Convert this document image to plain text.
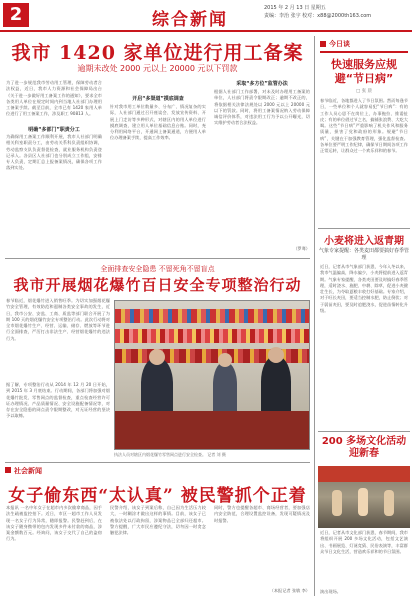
2	综合新闻
2015 年 2 月 13 日 星期五
责编：李治 张宇 校对：x88@2000th163.com
我市 1420 家单位进行用工备案
逾期未改处 2000 元以上 20000 元以下罚款
为了进一步规范我市劳动用工管理，保障劳动者合法权益，近日，我市人力资源和社会保障局出台《关于进一步做好用工备案工作的通知》，要求全市各类用人单位在规定时间内到当地人社部门办理用工备案手续。截至目前，全市已有 1420 家用人单位进行了用工备案工作，涉及职工 90813 人。
明确“多部门”职责分工
为确保用工备案工作顺利开展，我市人社部门明确相关科室职责分工，由劳动关系科负责组织协调，劳动监察支队负责督促检查，就业服务机构负责登记录入。各县区人社部门也分别成立工作组，安排专人负责，定期汇总上报备案情况，确保各项工作落到实处。
开启“多渠道”摸底调查
针对我市用工单位数量多、分布广、情况复杂的实际，人社部门通过召开座谈会、发放宣传资料、开展上门走访等多种形式，对辖区内的用人单位进行摸底调查，建立用人单位基础信息台账。同时，充分利用网络平台，开通网上备案通道，方便用人单位办理备案手续，提高工作效率。
采取“多方位”监管办法
根据人社部门工作部署，对未及时办理用工备案的单位，人社部门将责令限期改正；逾期不改正的，将依据相关法律法规处以 2000 元以上 20000 元以下的罚款。同时，将用工备案情况纳入劳动保障诚信评价体系，对违法用工行为予以公开曝光，切实维护劳动者合法权益。
（罗骞）
全面排查安全隐患 不留死角不留盲点
我市开展烟花爆竹百日安全专项整治行动
春节临近，烟花爆竹进入销售旺季。为切实加强烟花爆竹安全管理，有效防范和遏制各类安全事故的发生，近日，我市公安、安监、工商、质监等部门联合开展了为期 100 天的烟花爆竹安全专项整治行动。此次行动将对全市烟花爆竹生产、经营、运输、储存、燃放等环节进行全面排查，严厉打击非法生产、经营烟花爆竹的违法行为。
据了解，专项整治行动从 2014 年 12 月 20 日开始，到 2015 年 3 月底结束。行动期间，各部门将加强对烟花爆竹批发、零售网点的监督检查，重点检查经营许可证办理情况、产品质量情况、安全设施配备情况等，对存在安全隐患的网点责令限期整改，对无证经营的坚决予以取缔。
执法人员对辖区内烟花爆竹零售网点进行安全检查。 记者 刘 摄
社会新闻
女子偷东西“太认真” 被民警抓个正着
本报讯 一名中年女子在超市内多次偷拿商品，因手法生疏被监控拍下。近日，市区一超市工作人员发现一名女子行为异常，随即报警。民警赶到后，在该女子随身携带的包内发现多件未付款的商品，涉案金额数百元。经询问，该女子交代了自己的盗窃行为。
民警介绍，该女子到案后称，自己因为生活压力较大，一时糊涂才做出这样的事情。目前，该女子已被依法处以行政拘留，涉案物品已全部归还超市。警方提醒，广大市民应遵纪守法，切勿因一时贪念触犯法律。
同时，警方也提醒各超市、商场经营者，要加强店内安全防范，合理设置监控设备，发现可疑情况及时报警。
（本报记者 张敏 李）
今日谈
快速服务应规避“节日病”
□ 张 晨
春节临近，各地都进入了节日氛围。然而每逢节日，一些单位和个人就容易犯“节日病”：有的工作人员心思不在岗位上，办事拖拉、推诿扯皮；有的单位借过节之名，搞铺张浪费、大吃大喝。这些“节日病”严重影响了机关作风和服务质量，损害了党和政府的形象。规避“节日病”，关键在于加强教育管理，强化监督检查。各单位要严明工作纪律，确保节日期间各项工作正常运转，让群众过一个欢乐祥和的春节。
小麦将进入返青期
气象专家提醒：各类麦田都要搞好春季管理
近日，记者从市气象部门获悉，今年入冬以来，我市气温偏高，降水偏少，小麦将提前进入返青期。气象专家提醒，各类麦田要及时搞好春季管理，适时浇水、施肥、中耕、除草，促进小麦健壮生长，为夺取夏粮丰收打好基础。专家介绍，对于旺长麦田，要适当控制水肥，防止倒伏；对于弱苗麦田，要及时追肥浇水，促进苗情转化升级。
200 多场文化活动迎新春
近日，记者从市文化部门获悉，春节期间，我市将组织开展 200 多场文化活动，包括文艺演出、书画展览、灯谜竞猜、民俗表演等，丰富群众节日文化生活，营造欢乐祥和的节日氛围。
演出现场。
